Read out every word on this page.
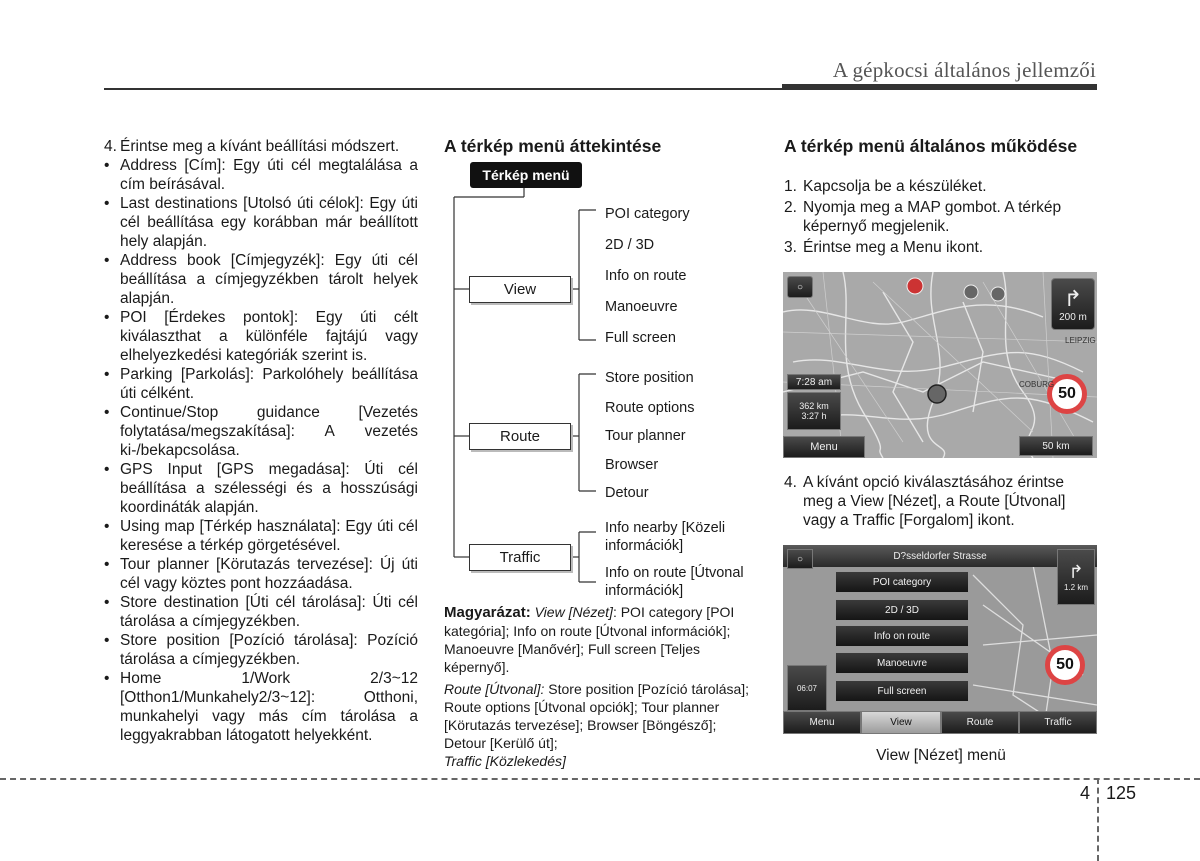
A gépkocsi általános jellemzői
4. Érintse meg a kívánt beállítási módszert.
• Address [Cím]: Egy úti cél megtalálása a cím beírásával.
• Last destinations [Utolsó úti célok]: Egy úti cél beállítása egy korábban már beállított hely alapján.
• Address book [Címjegyzék]: Egy úti cél beállítása a címjegyzékben tárolt helyek alapján.
• POI [Érdekes pontok]: Egy úti célt kiválaszthat a különféle fajtájú vagy elhelyezkedési kategóriák szerint is.
• Parking [Parkolás]: Parkolóhely beállítása úti célként.
• Continue/Stop guidance [Vezetés folytatása/megszakítása]: A vezetés ki-/bekapcsolása.
• GPS Input [GPS megadása]: Úti cél beállítása a szélességi és a hosszúsági koordináták alapján.
• Using map [Térkép használata]: Egy úti cél keresése a térkép görgetésével.
• Tour planner [Körutazás tervezése]: Új úti cél vagy köztes pont hozzáadása.
• Store destination [Úti cél tárolása]: Úti cél tárolása a címjegyzékben.
• Store position [Pozíció tárolása]: Pozíció tárolása a címjegyzékben.
• Home 1/Work 2/3~12 [Otthon1/Munkahely2/3~12]: Otthoni, munkahelyi vagy más cím tárolása a leggyakrabban látogatott helyekként.
A térkép menü áttekintése
Térkép menü
View
Route
Traffic
POI category
2D / 3D
Info on route
Manoeuvre
Full screen
Store position
Route options
Tour planner
Browser
Detour
Info nearby [Közeli információk]
Info on route [Útvonal információk]

Magyarázat: View [Nézet]: POI category [POI kategória]; Info on route [Útvonal információk]; Manoeuvre [Manővér]; Full screen [Teljes képernyő].

Route [Útvonal]: Store position [Pozíció tárolása]; Route options [Útvonal opciók]; Tour planner [Körutazás tervezése]; Browser [Böngésző]; Detour [Kerülő út];
Traffic [Közlekedés]

A térkép menü általános működése
1. Kapcsolja be a készüléket.
2. Nyomja meg a MAP gombot. A térkép képernyő megjelenik.
3. Érintse meg a Menu ikont.
○	↱
200 m
7:28 am
362 km
3:27 h
Menu	50 km
50
COBURG
LEIPZIG
4. A kívánt opció kiválasztásához érintse meg a View [Nézet], a Route [Útvonal] vagy a Traffic [Forgalom] ikont.
D?sseldorfer Strasse
○
↱
1.2 km
POI category
2D / 3D
Info on route
Manoeuvre
Full screen
06:07
50
Menu	View	Route	Traffic
View [Nézet] menü
4 125
